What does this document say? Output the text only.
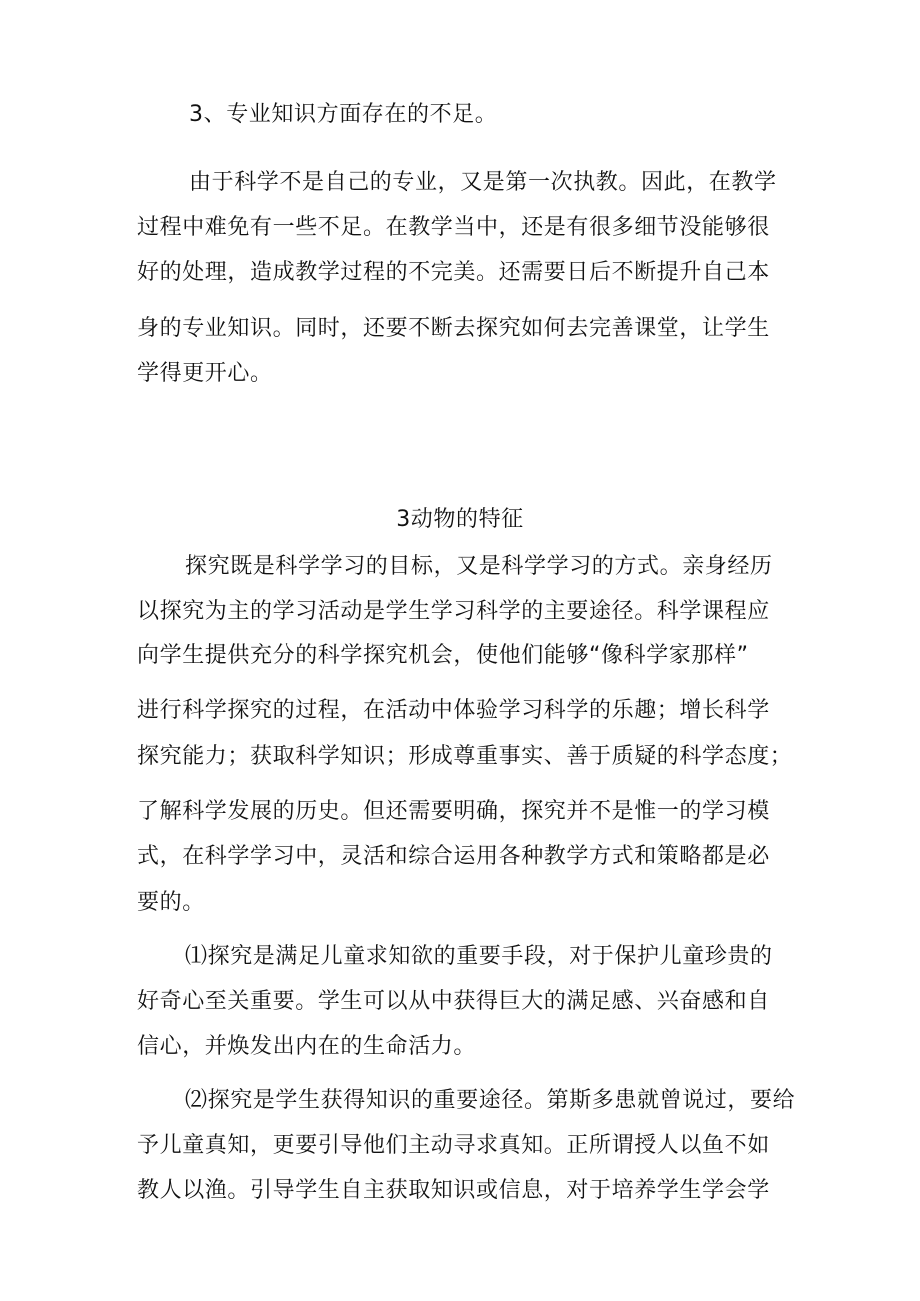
3、专业知识方面存在的不足。
由于科学不是自己的专业，又是第一次执教。因此，在教学
过程中难免有一些不足。在教学当中，还是有很多细节没能够很
好的处理，造成教学过程的不完美。还需要日后不断提升自己本
身的专业知识。同时，还要不断去探究如何去完善课堂，让学生
学得更开心。
3动物的特征
探究既是科学学习的目标，又是科学学习的方式。亲身经历
以探究为主的学习活动是学生学习科学的主要途径。科学课程应
向学生提供充分的科学探究机会，使他们能够“像科学家那样”
进行科学探究的过程，在活动中体验学习科学的乐趣；增长科学
探究能力；获取科学知识；形成尊重事实、善于质疑的科学态度；
了解科学发展的历史。但还需要明确，探究并不是惟一的学习模
式，在科学学习中，灵活和综合运用各种教学方式和策略都是必
要的。
⑴探究是满足儿童求知欲的重要手段，对于保护儿童珍贵的
好奇心至关重要。学生可以从中获得巨大的满足感、兴奋感和自
信心，并焕发出内在的生命活力。
⑵探究是学生获得知识的重要途径。第斯多患就曾说过，要给
予儿童真知，更要引导他们主动寻求真知。正所谓授人以鱼不如
教人以渔。引导学生自主获取知识或信息，对于培养学生学会学
